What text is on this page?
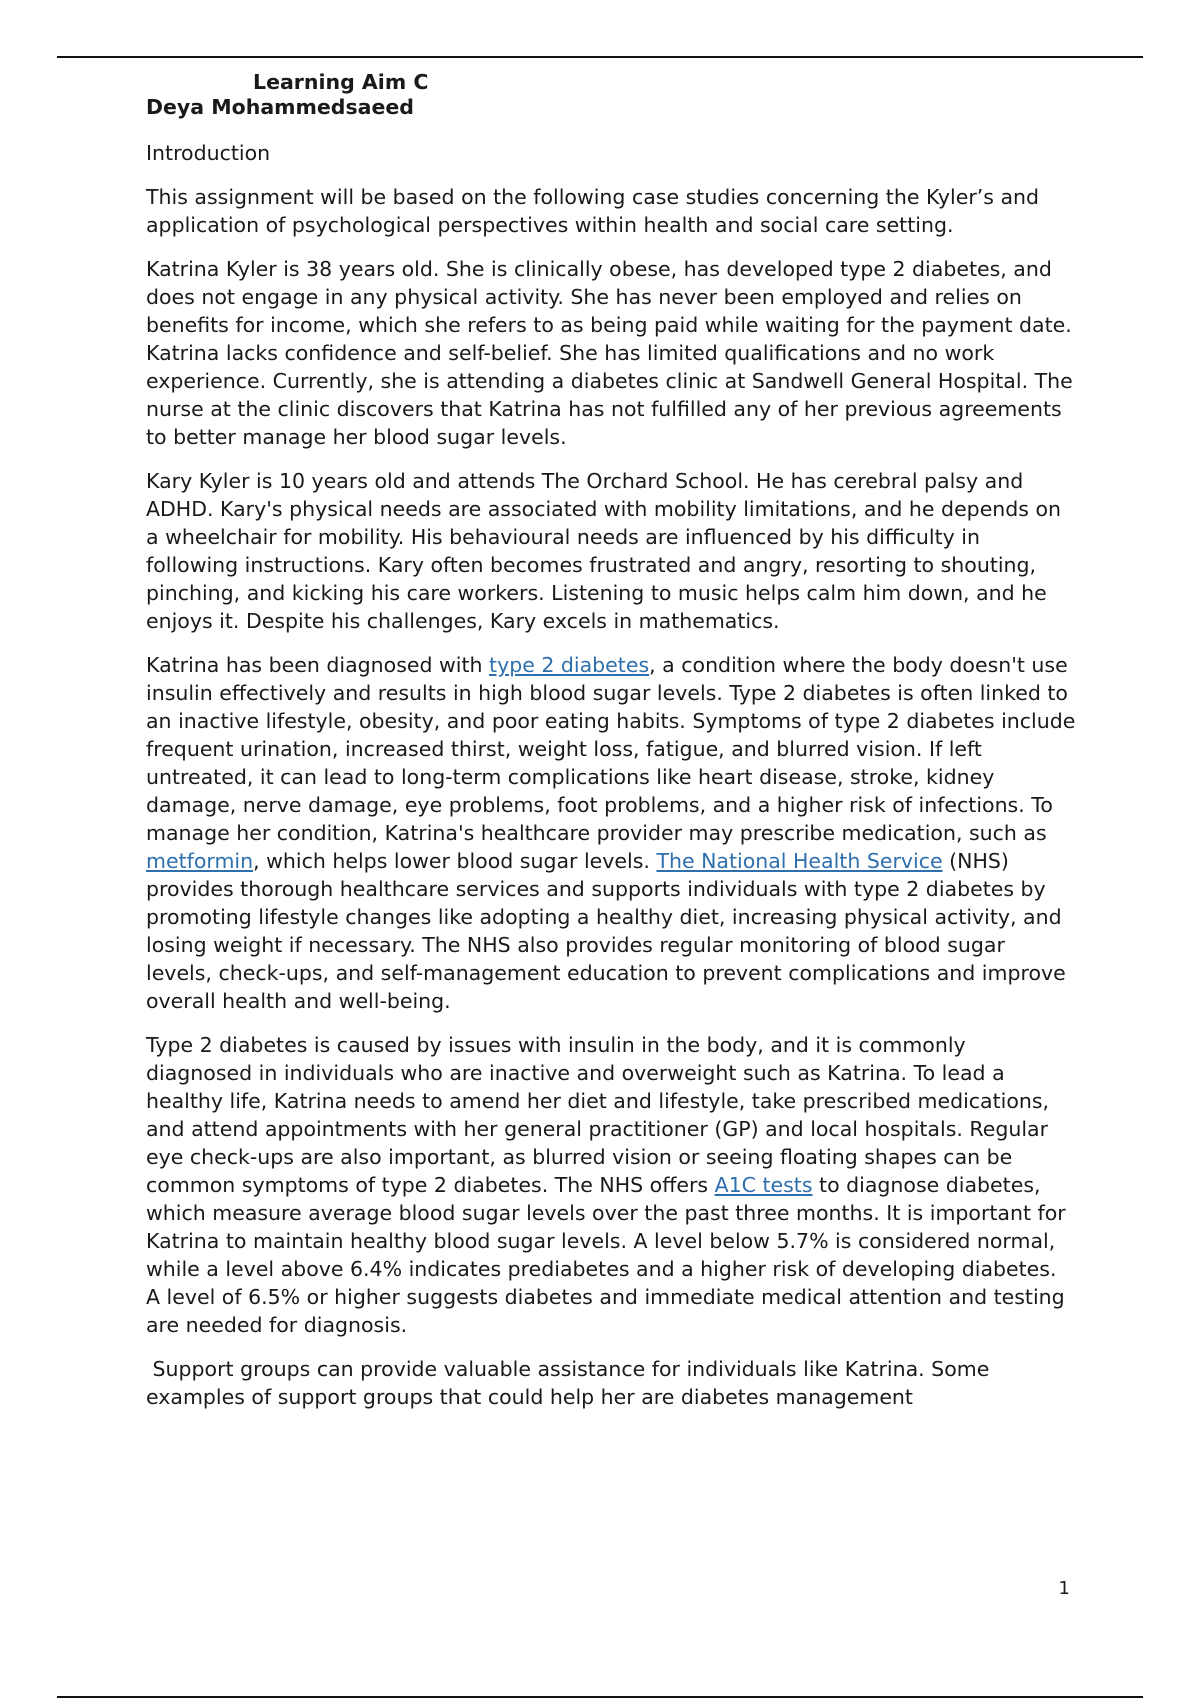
Learning Aim C
Deya Mohammedsaeed

Introduction

This assignment will be based on the following case studies concerning the Kyler’s and application of psychological perspectives within health and social care setting.

Katrina Kyler is 38 years old. She is clinically obese, has developed type 2 diabetes, and does not engage in any physical activity. She has never been employed and relies on benefits for income, which she refers to as being paid while waiting for the payment date. Katrina lacks confidence and self-belief. She has limited qualifications and no work experience. Currently, she is attending a diabetes clinic at Sandwell General Hospital. The nurse at the clinic discovers that Katrina has not fulfilled any of her previous agreements to better manage her blood sugar levels.

Kary Kyler is 10 years old and attends The Orchard School. He has cerebral palsy and ADHD. Kary's physical needs are associated with mobility limitations, and he depends on a wheelchair for mobility. His behavioural needs are influenced by his difficulty in following instructions. Kary often becomes frustrated and angry, resorting to shouting, pinching, and kicking his care workers. Listening to music helps calm him down, and he enjoys it. Despite his challenges, Kary excels in mathematics.

Katrina has been diagnosed with type 2 diabetes, a condition where the body doesn't use insulin effectively and results in high blood sugar levels. Type 2 diabetes is often linked to an inactive lifestyle, obesity, and poor eating habits. Symptoms of type 2 diabetes include frequent urination, increased thirst, weight loss, fatigue, and blurred vision. If left untreated, it can lead to long-term complications like heart disease, stroke, kidney damage, nerve damage, eye problems, foot problems, and a higher risk of infections. To manage her condition, Katrina's healthcare provider may prescribe medication, such as metformin, which helps lower blood sugar levels. The National Health Service (NHS) provides thorough healthcare services and supports individuals with type 2 diabetes by promoting lifestyle changes like adopting a healthy diet, increasing physical activity, and losing weight if necessary. The NHS also provides regular monitoring of blood sugar levels, check-ups, and self-management education to prevent complications and improve overall health and well-being.

Type 2 diabetes is caused by issues with insulin in the body, and it is commonly diagnosed in individuals who are inactive and overweight such as Katrina. To lead a healthy life, Katrina needs to amend her diet and lifestyle, take prescribed medications, and attend appointments with her general practitioner (GP) and local hospitals. Regular eye check-ups are also important, as blurred vision or seeing floating shapes can be common symptoms of type 2 diabetes. The NHS offers A1C tests to diagnose diabetes, which measure average blood sugar levels over the past three months. It is important for Katrina to maintain healthy blood sugar levels. A level below 5.7% is considered normal, while a level above 6.4% indicates prediabetes and a higher risk of developing diabetes. A level of 6.5% or higher suggests diabetes and immediate medical attention and testing are needed for diagnosis.

Support groups can provide valuable assistance for individuals like Katrina. Some examples of support groups that could help her are diabetes management

1
